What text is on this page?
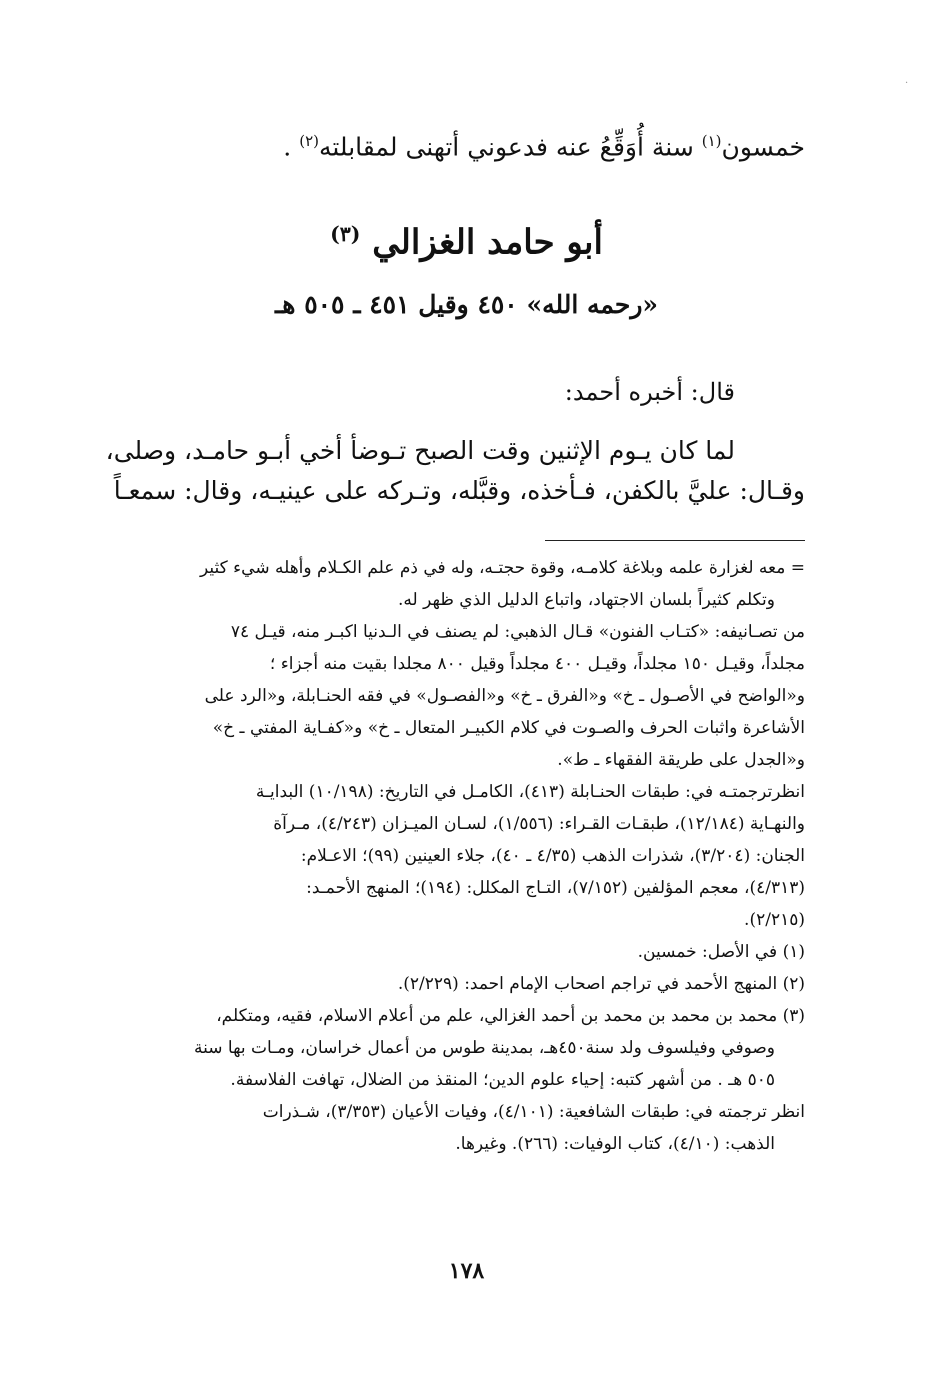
·
خمسون$^{(١)}$ سنة أُوَقِّعُ عنه فدعوني أتهنى لمقابلته$^{(٢)}$ .
أبو حامد الغزالي $^{(٣)}$
«رحمه الله» ٤٥٠ وقيل ٤٥١ ـ ٥٠٥ هـ
قال: أخبره أحمد:
لما كان يـوم الإثنين وقت الصبح تـوضأ أخي أبـو حامـد، وصلى،
وقـال: عليَّ بالكفن، فـأخذه، وقبَّله، وتـركه على عينيـه، وقال: سمعـاً
= معه لغزارة علمه وبلاغة كلامـه، وقوة حجتـه، وله في ذم علم الكـلام وأهله شيء كثير
وتكلم كثيراً بلسان الاجتهاد، واتباع الدليل الذي ظهر له.
من تصـانيفه: «كتـاب الفنون» قـال الذهبي: لم يصنف في الـدنيا اكبـر منه، قيـل ٧٤
مجلداً، وقيـل ١٥٠ مجلداً، وقيـل ٤٠٠ مجلداً وقيل ٨٠٠ مجلدا بقيت منه أجزاء ؛
و«الواضح في الأصـول ـ خ» و«الفرق ـ خ» و«الفصـول» في فقه الحنـابلة، و«الرد على
الأشاعرة واثبات الحرف والصـوت في كلام الكبيـر المتعال ـ خ» و«كفـاية المفتي ـ خ»
و«الجدل على طريقة الفقهاء ـ ط».
انظرترجمتـه في: طبقات الحنـابلة (٤١٣)، الكامـل في التاريخ: (١٠/١٩٨) البدايـة
والنهـاية (١٢/١٨٤)، طبقـات القـراء: (١/٥٥٦)، لسـان الميـزان (٤/٢٤٣)، مـرآة
الجنان: (٣/٢٠٤)، شذرات الذهب (٤/٣٥ ـ ٤٠)، جلاء العينين (٩٩)؛ الاعـلام:
(٤/٣١٣)، معجم المؤلفين (٧/١٥٢)، التـاج المكلل: (١٩٤)؛ المنهج الأحمـد:
(٢/٢١٥).
(١) في الأصل: خمسين.
(٢) المنهج الأحمد في تراجم اصحاب الإمام احمد: (٢/٢٢٩).
(٣) محمد بن محمد بن محمد بن أحمد الغزالي، علم من أعلام الاسلام، فقيه، ومتكلم،
وصوفي وفيلسوف ولد سنة٤٥٠هـ، بمدينة طوس من أعمال خراسان، ومـات بها سنة
٥٠٥ هـ . من أشهر كتبه: إحياء علوم الدين؛ المنقذ من الضلال، تهافت الفلاسفة.
انظر ترجمته في: طبقات الشافعية: (٤/١٠١)، وفيات الأعيان (٣/٣٥٣)، شـذرات
الذهب: (٤/١٠)، كتاب الوفيات: (٢٦٦). وغيرها.
١٧٨
